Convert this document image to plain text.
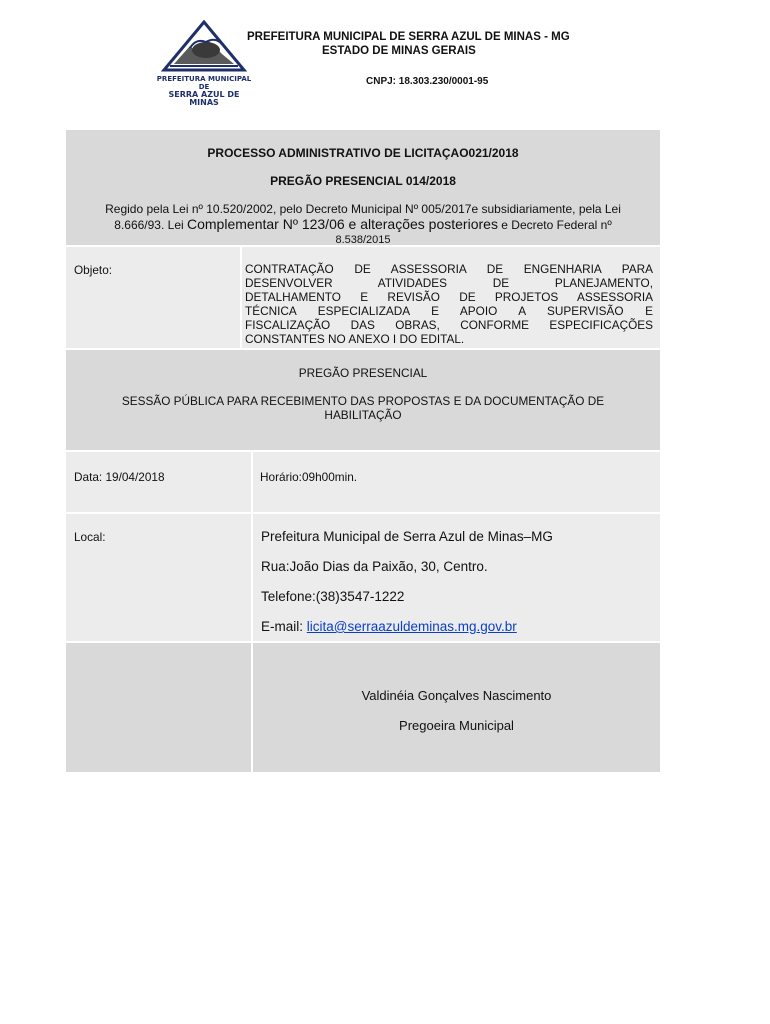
PREFEITURA MUNICIPAL DE
SERRA AZUL DE MINAS
PREFEITURA MUNICIPAL DE SERRA AZUL DE MINAS - MG
ESTADO DE MINAS GERAIS
CNPJ: 18.303.230/0001-95
PROCESSO ADMINISTRATIVO DE LICITAÇAO021/2018
PREGÃO PRESENCIAL 014/2018
Regido pela Lei nº 10.520/2002, pelo Decreto Municipal Nº 005/2017e subsidiariamente, pela Lei
8.666/93. Lei Complementar Nº 123/06 e alterações posteriores e Decreto Federal nº
8.538/2015
Objeto:	CONTRATAÇÃO DE ASSESSORIA DE ENGENHARIA PARA
DESENVOLVER ATIVIDADES DE PLANEJAMENTO,
DETALHAMENTO E REVISÃO DE PROJETOS ASSESSORIA
TÉCNICA ESPECIALIZADA E APOIO A SUPERVISÃO E
FISCALIZAÇÃO DAS OBRAS, CONFORME ESPECIFICAÇÕES
CONSTANTES NO ANEXO I DO EDITAL.
PREGÃO PRESENCIAL
SESSÃO PÚBLICA PARA RECEBIMENTO DAS PROPOSTAS E DA DOCUMENTAÇÃO DE
HABILITAÇÃO
Data: 19/04/2018	Horário:09h00min.
Local:	Prefeitura Municipal de Serra Azul de Minas–MG
Rua:João Dias da Paixão, 30, Centro.
Telefone:(38)3547-1222
E-mail: licita@serraazuldeminas.mg.gov.br
Valdinéia Gonçalves Nascimento
Pregoeira Municipal
